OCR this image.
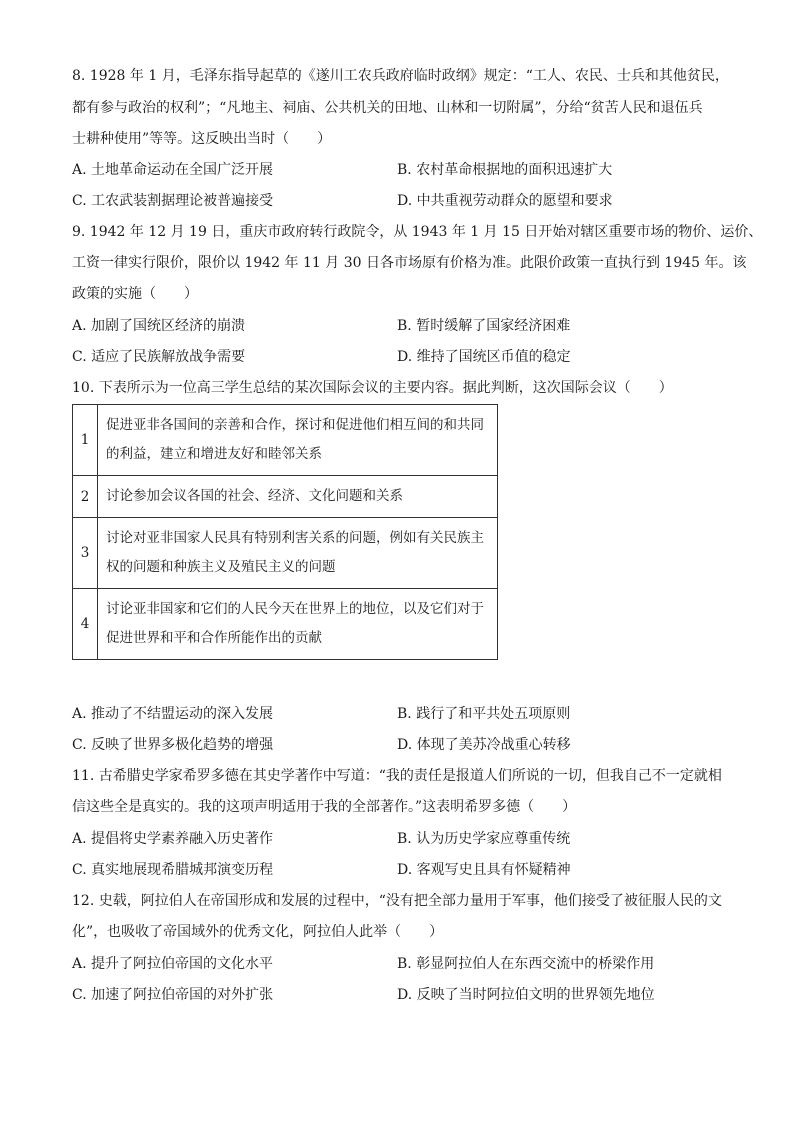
8. 1928 年 1 月，毛泽东指导起草的《遂川工农兵政府临时政纲》规定：“工人、农民、士兵和其他贫民，
都有参与政治的权利”；“凡地主、祠庙、公共机关的田地、山林和一切附属”，分给“贫苦人民和退伍兵
士耕种使用”等等。这反映出当时（　　）
A. 土地革命运动在全国广泛开展	B. 农村革命根据地的面积迅速扩大
C. 工农武装割据理论被普遍接受	D. 中共重视劳动群众的愿望和要求
9. 1942 年 12 月 19 日，重庆市政府转行政院令，从 1943 年 1 月 15 日开始对辖区重要市场的物价、运价、
工资一律实行限价，限价以 1942 年 11 月 30 日各市场原有价格为准。此限价政策一直执行到 1945 年。该
政策的实施（　　）
A. 加剧了国统区经济的崩溃	B. 暂时缓解了国家经济困难
C. 适应了民族解放战争需要	D. 维持了国统区币值的稳定
10. 下表所示为一位高三学生总结的某次国际会议的主要内容。据此判断，这次国际会议（　　）
1	促进亚非各国间的亲善和合作，探讨和促进他们相互间的和共同
的利益，建立和增进友好和睦邻关系

2	讨论参加会议各国的社会、经济、文化问题和关系

3	讨论对亚非国家人民具有特别利害关系的问题，例如有关民族主
权的问题和种族主义及殖民主义的问题

4	讨论亚非国家和它们的人民今天在世界上的地位，以及它们对于
促进世界和平和合作所能作出的贡献
A. 推动了不结盟运动的深入发展	B. 践行了和平共处五项原则
C. 反映了世界多极化趋势的增强	D. 体现了美苏冷战重心转移
11. 古希腊史学家希罗多德在其史学著作中写道：“我的责任是报道人们所说的一切，但我自己不一定就相
信这些全是真实的。我的这项声明适用于我的全部著作。”这表明希罗多德（　　）
A. 提倡将史学素养融入历史著作	B. 认为历史学家应尊重传统
C. 真实地展现希腊城邦演变历程	D. 客观写史且具有怀疑精神
12. 史载，阿拉伯人在帝国形成和发展的过程中，“没有把全部力量用于军事，他们接受了被征服人民的文
化”，也吸收了帝国域外的优秀文化，阿拉伯人此举（　　）
A. 提升了阿拉伯帝国的文化水平	B. 彰显阿拉伯人在东西交流中的桥梁作用
C. 加速了阿拉伯帝国的对外扩张	D. 反映了当时阿拉伯文明的世界领先地位
